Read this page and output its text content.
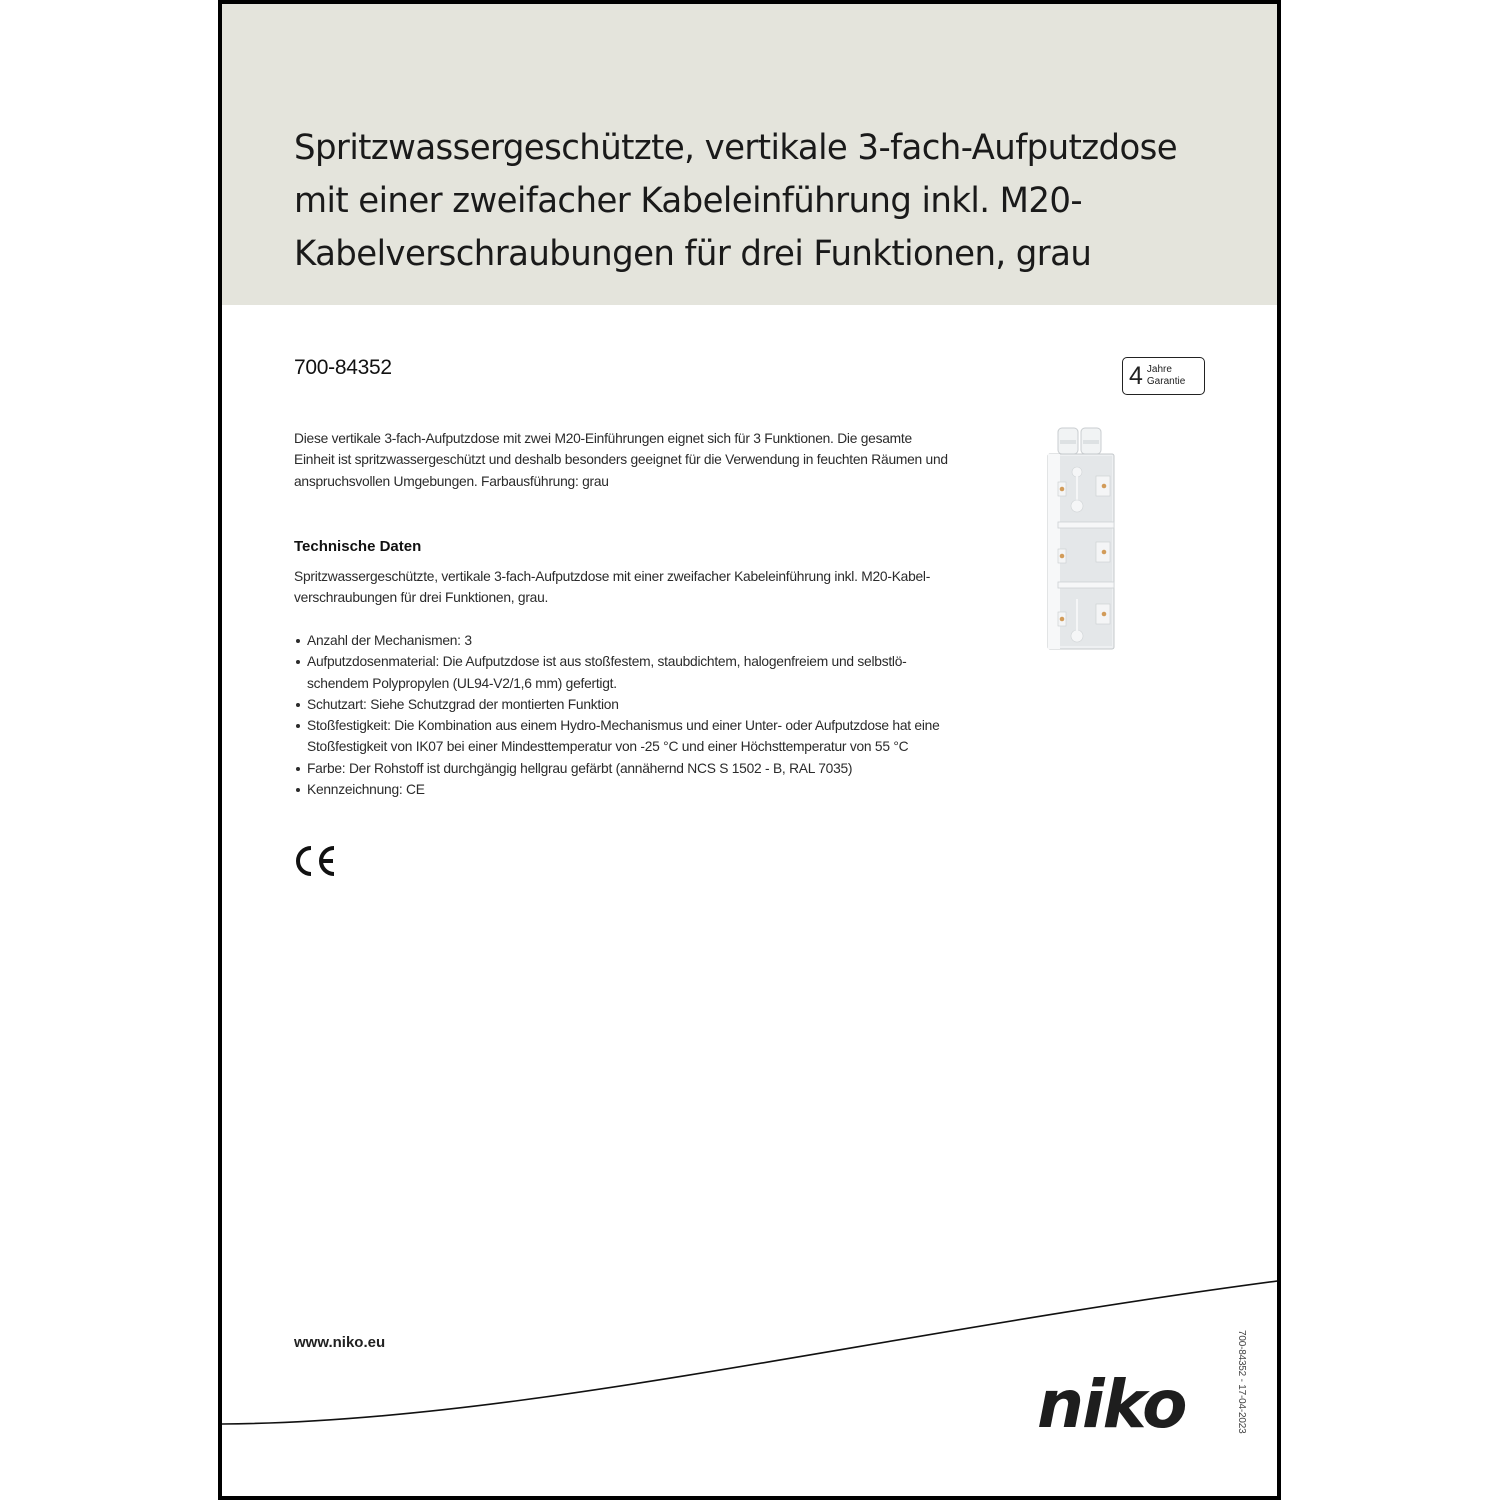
Spritzwassergeschützte, vertikale 3-fach-Aufputzdose mit einer zweifacher Kabeleinführung inkl. M20-Kabelverschraubungen für drei Funktionen, grau
700-84352	4 Jahre
Garantie

Diese vertikale 3-fach-Aufputzdose mit zwei M20-Einführungen eignet sich für 3 Funktionen. Die gesamte Einheit ist spritzwassergeschützt und deshalb besonders geeignet für die Verwendung in feuchten Räumen und anspruchsvollen Umgebungen. Farbausführung: grau

Technische Daten

Spritzwassergeschützte, vertikale 3-fach-Aufputzdose mit einer zweifacher Kabeleinführung inkl. M20-Kabel-verschraubungen für drei Funktionen, grau.

Anzahl der Mechanismen: 3
Aufputzdosenmaterial: Die Aufputzdose ist aus stoßfestem, staubdichtem, halogenfreiem und selbstlö-schendem Polypropylen (UL94-V2/1,6 mm) gefertigt.
Schutzart: Siehe Schutzgrad der montierten Funktion
Stoßfestigkeit: Die Kombination aus einem Hydro-Mechanismus und einer Unter- oder Aufputzdose hat eine Stoßfestigkeit von IK07 bei einer Mindesttemperatur von -25 °C und einer Höchsttemperatur von 55 °C
Farbe: Der Rohstoff ist durchgängig hellgrau gefärbt (annähernd NCS S 1502 - B, RAL 7035)
Kennzeichnung: CE
www.niko.eu
niko	700-84352 - 17-04-2023
